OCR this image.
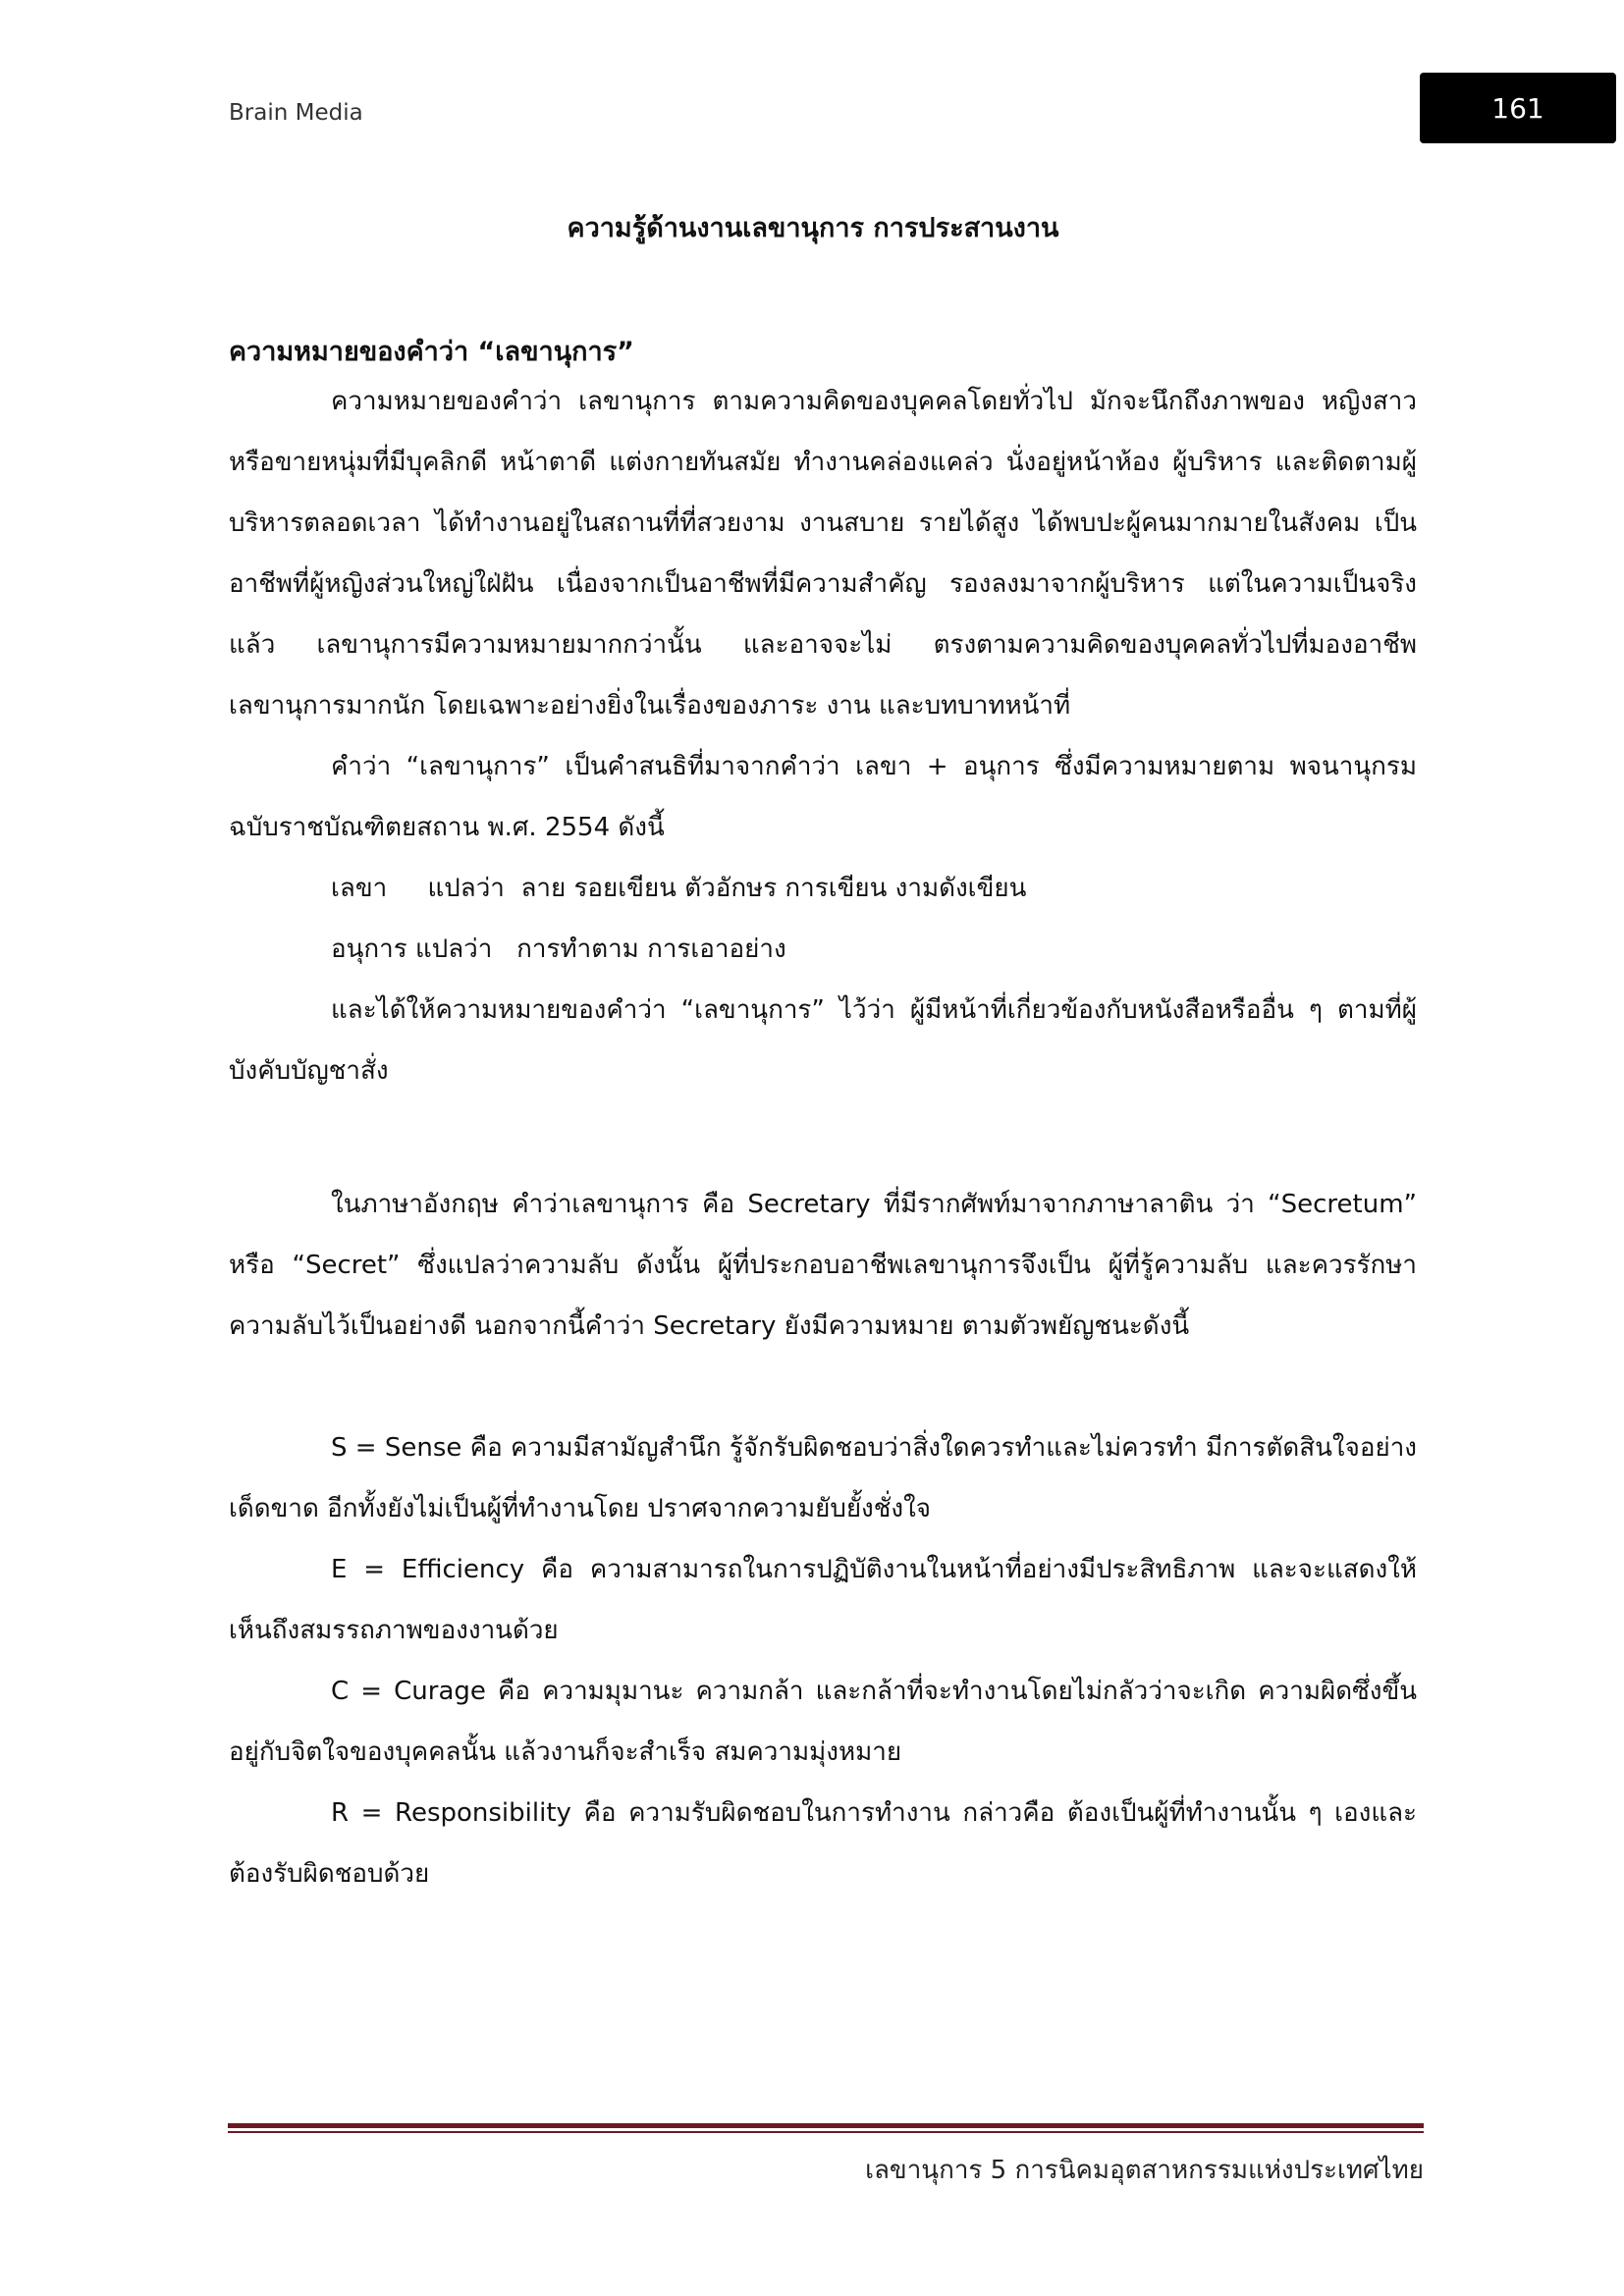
Brain Media	161
ความรู้ด้านงานเลขานุการ การประสานงาน
ความหมายของคำว่า “เลขานุการ”

ความหมายของคำว่า เลขานุการ ตามความคิดของบุคคลโดยทั่วไป มักจะนึกถึงภาพของ หญิงสาวหรือขายหนุ่มที่มีบุคลิกดี หน้าตาดี แต่งกายทันสมัย ทำงานคล่องแคล่ว นั่งอยู่หน้าห้อง ผู้บริหาร และติดตามผู้บริหารตลอดเวลา ได้ทำงานอยู่ในสถานที่ที่สวยงาม งานสบาย รายได้สูง ได้พบปะผู้คนมากมายในสังคม เป็นอาชีพที่ผู้หญิงส่วนใหญ่ใฝ่ฝัน เนื่องจากเป็นอาชีพที่มีความสำคัญ รองลงมาจากผู้บริหาร แต่ในความเป็นจริงแล้ว เลขานุการมีความหมายมากกว่านั้น และอาจจะไม่ ตรงตามความคิดของบุคคลทั่วไปที่มองอาชีพเลขานุการมากนัก โดยเฉพาะอย่างยิ่งในเรื่องของภาระ งาน และบทบาทหน้าที่

คำว่า “เลขานุการ” เป็นคำสนธิที่มาจากคำว่า เลขา + อนุการ ซึ่งมีความหมายตาม พจนานุกรมฉบับราชบัณฑิตยสถาน พ.ศ. 2554 ดังนี้

เลขา     แปลว่า  ลาย รอยเขียน ตัวอักษร การเขียน งามดังเขียน
อนุการ แปลว่า   การทำตาม การเอาอย่าง

และได้ให้ความหมายของคำว่า “เลขานุการ” ไว้ว่า ผู้มีหน้าที่เกี่ยวข้องกับหนังสือหรืออื่น ๆ ตามที่ผู้บังคับบัญชาสั่ง

ในภาษาอังกฤษ คำว่าเลขานุการ คือ Secretary ที่มีรากศัพท์มาจากภาษาลาติน ว่า “Secretum” หรือ “Secret” ซึ่งแปลว่าความลับ ดังนั้น ผู้ที่ประกอบอาชีพเลขานุการจึงเป็น ผู้ที่รู้ความลับ และควรรักษาความลับไว้เป็นอย่างดี นอกจากนี้คำว่า Secretary ยังมีความหมาย ตามตัวพยัญชนะดังนี้

S = Sense คือ ความมีสามัญสำนึก รู้จักรับผิดชอบว่าสิ่งใดควรทำและไม่ควรทำ มีการตัดสินใจอย่างเด็ดขาด อีกทั้งยังไม่เป็นผู้ที่ทำงานโดย ปราศจากความยับยั้งชั่งใจ

E = Efficiency คือ ความสามารถในการปฏิบัติงานในหน้าที่อย่างมีประสิทธิภาพ และจะแสดงให้เห็นถึงสมรรถภาพของงานด้วย

C = Curage คือ ความมุมานะ ความกล้า และกล้าที่จะทำงานโดยไม่กลัวว่าจะเกิด ความผิดซึ่งขึ้นอยู่กับจิตใจของบุคคลนั้น แล้วงานก็จะสำเร็จ สมความมุ่งหมาย

R = Responsibility คือ ความรับผิดชอบในการทำงาน กล่าวคือ ต้องเป็นผู้ที่ทำงานนั้น ๆ เองและต้องรับผิดชอบด้วย

เลขานุการ 5 การนิคมอุตสาหกรรมแห่งประเทศไทย
